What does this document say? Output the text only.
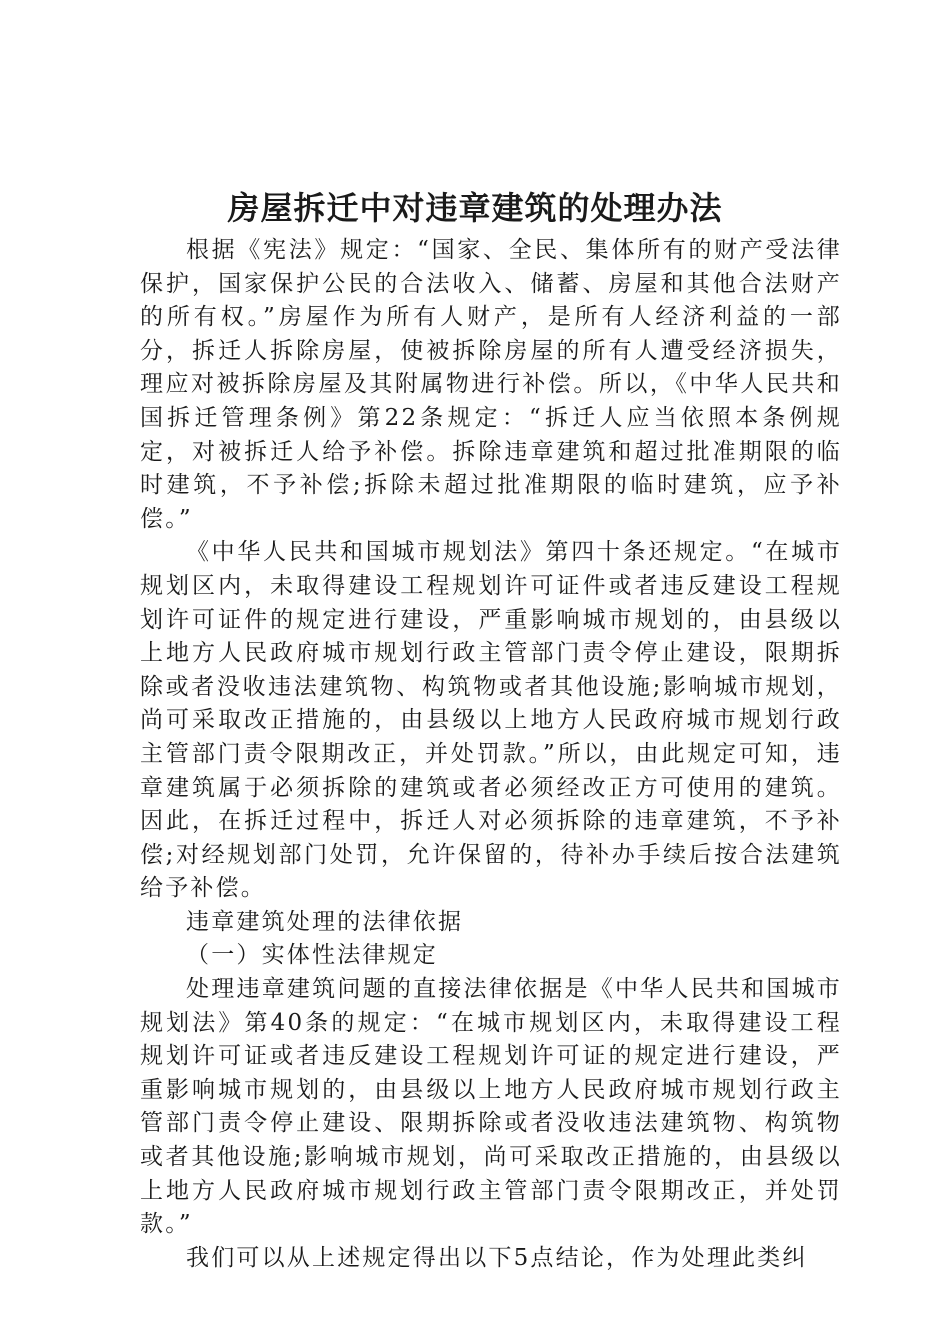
房屋拆迁中对违章建筑的处理办法

根据《宪法》规定：“国家、全民、集体所有的财产受法律保护，国家保护公民的合法收入、储蓄、房屋和其他合法财产的所有权。”房屋作为所有人财产，是所有人经济利益的一部分，拆迁人拆除房屋，使被拆除房屋的所有人遭受经济损失，理应对被拆除房屋及其附属物进行补偿。所以，《中华人民共和国拆迁管理条例》第22条规定：“拆迁人应当依照本条例规定，对被拆迁人给予补偿。拆除违章建筑和超过批准期限的临时建筑，不予补偿;拆除未超过批准期限的临时建筑，应予补偿。”

《中华人民共和国城市规划法》第四十条还规定。“在城市规划区内，未取得建设工程规划许可证件或者违反建设工程规划许可证件的规定进行建设，严重影响城市规划的，由县级以上地方人民政府城市规划行政主管部门责令停止建设，限期拆除或者没收违法建筑物、构筑物或者其他设施;影响城市规划，尚可采取改正措施的，由县级以上地方人民政府城市规划行政主管部门责令限期改正，并处罚款。”所以，由此规定可知，违章建筑属于必须拆除的建筑或者必须经改正方可使用的建筑。因此，在拆迁过程中，拆迁人对必须拆除的违章建筑，不予补偿;对经规划部门处罚，允许保留的，待补办手续后按合法建筑给予补偿。

违章建筑处理的法律依据

（一）实体性法律规定

处理违章建筑问题的直接法律依据是《中华人民共和国城市规划法》第40条的规定：“在城市规划区内，未取得建设工程规划许可证或者违反建设工程规划许可证的规定进行建设，严重影响城市规划的，由县级以上地方人民政府城市规划行政主管部门责令停止建设、限期拆除或者没收违法建筑物、构筑物或者其他设施;影响城市规划，尚可采取改正措施的，由县级以上地方人民政府城市规划行政主管部门责令限期改正，并处罚款。”

我们可以从上述规定得出以下5点结论，作为处理此类纠
